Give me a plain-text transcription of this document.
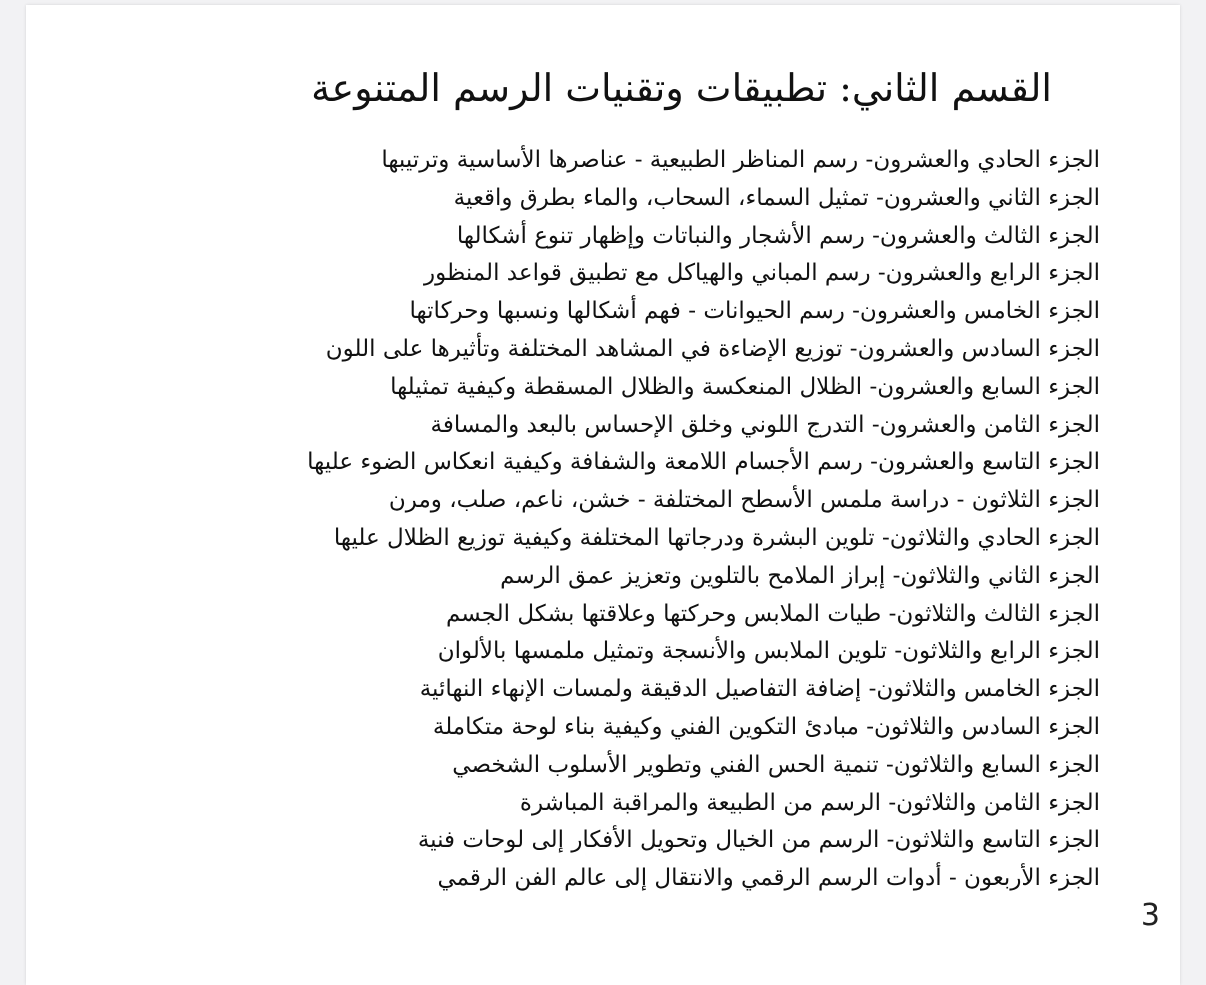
القسم الثاني: تطبيقات وتقنيات الرسم المتنوعة
الجزء الحادي والعشرون- رسم المناظر الطبيعية - عناصرها الأساسية وترتيبها
الجزء الثاني والعشرون- تمثيل السماء، السحاب، والماء بطرق واقعية
الجزء الثالث والعشرون- رسم الأشجار والنباتات وإظهار تنوع أشكالها
الجزء الرابع والعشرون- رسم المباني والهياكل مع تطبيق قواعد المنظور
الجزء الخامس والعشرون- رسم الحيوانات - فهم أشكالها ونسبها وحركاتها
الجزء السادس والعشرون- توزيع الإضاءة في المشاهد المختلفة وتأثيرها على اللون
الجزء السابع والعشرون- الظلال المنعكسة والظلال المسقطة وكيفية تمثيلها
الجزء الثامن والعشرون- التدرج اللوني وخلق الإحساس بالبعد والمسافة
الجزء التاسع والعشرون- رسم الأجسام اللامعة والشفافة وكيفية انعكاس الضوء عليها
الجزء الثلاثون - دراسة ملمس الأسطح المختلفة - خشن، ناعم، صلب، ومرن
الجزء الحادي والثلاثون- تلوين البشرة ودرجاتها المختلفة وكيفية توزيع الظلال عليها
الجزء الثاني والثلاثون- إبراز الملامح بالتلوين وتعزيز عمق الرسم
الجزء الثالث والثلاثون- طيات الملابس وحركتها وعلاقتها بشكل الجسم
الجزء الرابع والثلاثون- تلوين الملابس والأنسجة وتمثيل ملمسها بالألوان
الجزء الخامس والثلاثون- إضافة التفاصيل الدقيقة ولمسات الإنهاء النهائية
الجزء السادس والثلاثون- مبادئ التكوين الفني وكيفية بناء لوحة متكاملة
الجزء السابع والثلاثون- تنمية الحس الفني وتطوير الأسلوب الشخصي
الجزء الثامن والثلاثون- الرسم من الطبيعة والمراقبة المباشرة
الجزء التاسع والثلاثون- الرسم من الخيال وتحويل الأفكار إلى لوحات فنية
الجزء الأربعون - أدوات الرسم الرقمي والانتقال إلى عالم الفن الرقمي
3
